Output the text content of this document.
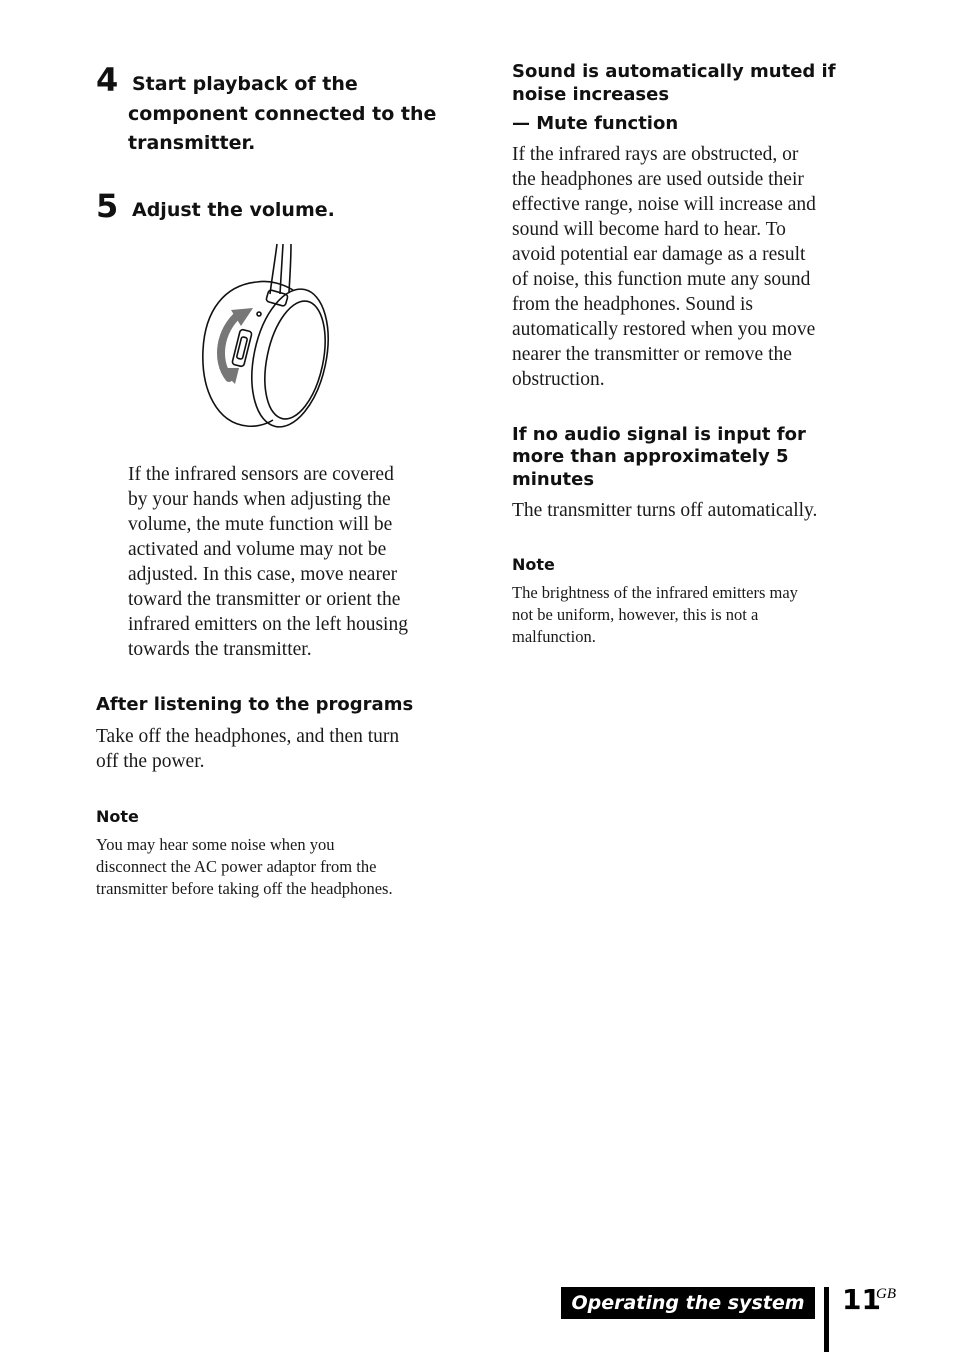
4 Start playback of the
component connected to the
transmitter.
5 Adjust the volume.
If the infrared sensors are covered
by your hands when adjusting the
volume, the mute function will be
activated and volume may not be
adjusted. In this case, move nearer
toward the transmitter or orient the
infrared emitters on the left housing
towards the transmitter.
After listening to the programs
Take off the headphones, and then turn
off the power.
Note
You may hear some noise when you
disconnect the AC power adaptor from the
transmitter before taking off the headphones.
Sound is automatically muted if
noise increases
— Mute function
If the infrared rays are obstructed, or
the headphones are used outside their
effective range, noise will increase and
sound will become hard to hear. To
avoid potential ear damage as a result
of noise, this function mute any sound
from the headphones. Sound is
automatically restored when you move
nearer the transmitter or remove the
obstruction.
If no audio signal is input for
more than approximately 5
minutes
The transmitter turns off automatically.
Note
The brightness of the infrared emitters may
not be uniform, however, this is not a
malfunction.
Operating the system	11
GB
